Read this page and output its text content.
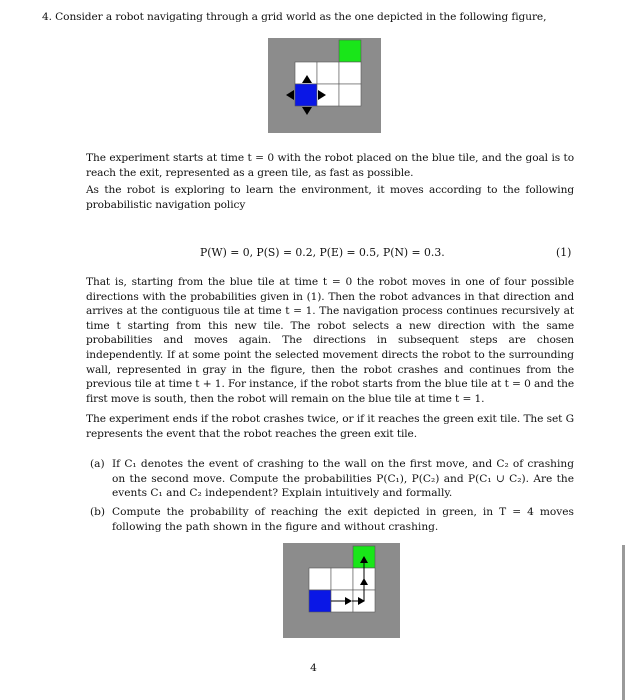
4. Consider a robot navigating through a grid world as the one depicted in the following figure,
The experiment starts at time t = 0 with the robot placed on the blue tile, and the goal is to reach the exit, represented as a green tile, as fast as possible.
As the robot is exploring to learn the environment, it moves according to the following probabilistic navigation policy
P(W) = 0, P(S) = 0.2, P(E) = 0.5, P(N) = 0.3.	(1)
That is, starting from the blue tile at time t = 0 the robot moves in one of four possible directions with the probabilities given in (1). Then the robot advances in that direction and arrives at the contiguous tile at time t = 1. The navigation process continues recursively at time t starting from this new tile. The robot selects a new direction with the same probabilities and moves again. The directions in subsequent steps are chosen independently. If at some point the selected movement directs the robot to the surrounding wall, represented in gray in the figure, then the robot crashes and continues from the previous tile at time t + 1. For instance, if the robot starts from the blue tile at t = 0 and the first move is south, then the robot will remain on the blue tile at time t = 1.
The experiment ends if the robot crashes twice, or if it reaches the green exit tile. The set G represents the event that the robot reaches the green exit tile.
(a) If C₁ denotes the event of crashing to the wall on the first move, and C₂ of crashing on the second move. Compute the probabilities P(C₁), P(C₂) and P(C₁ ∪ C₂). Are the events C₁ and C₂ independent? Explain intuitively and formally.
(b) Compute the probability of reaching the exit depicted in green, in T = 4 moves following the path shown in the figure and without crashing.
4
